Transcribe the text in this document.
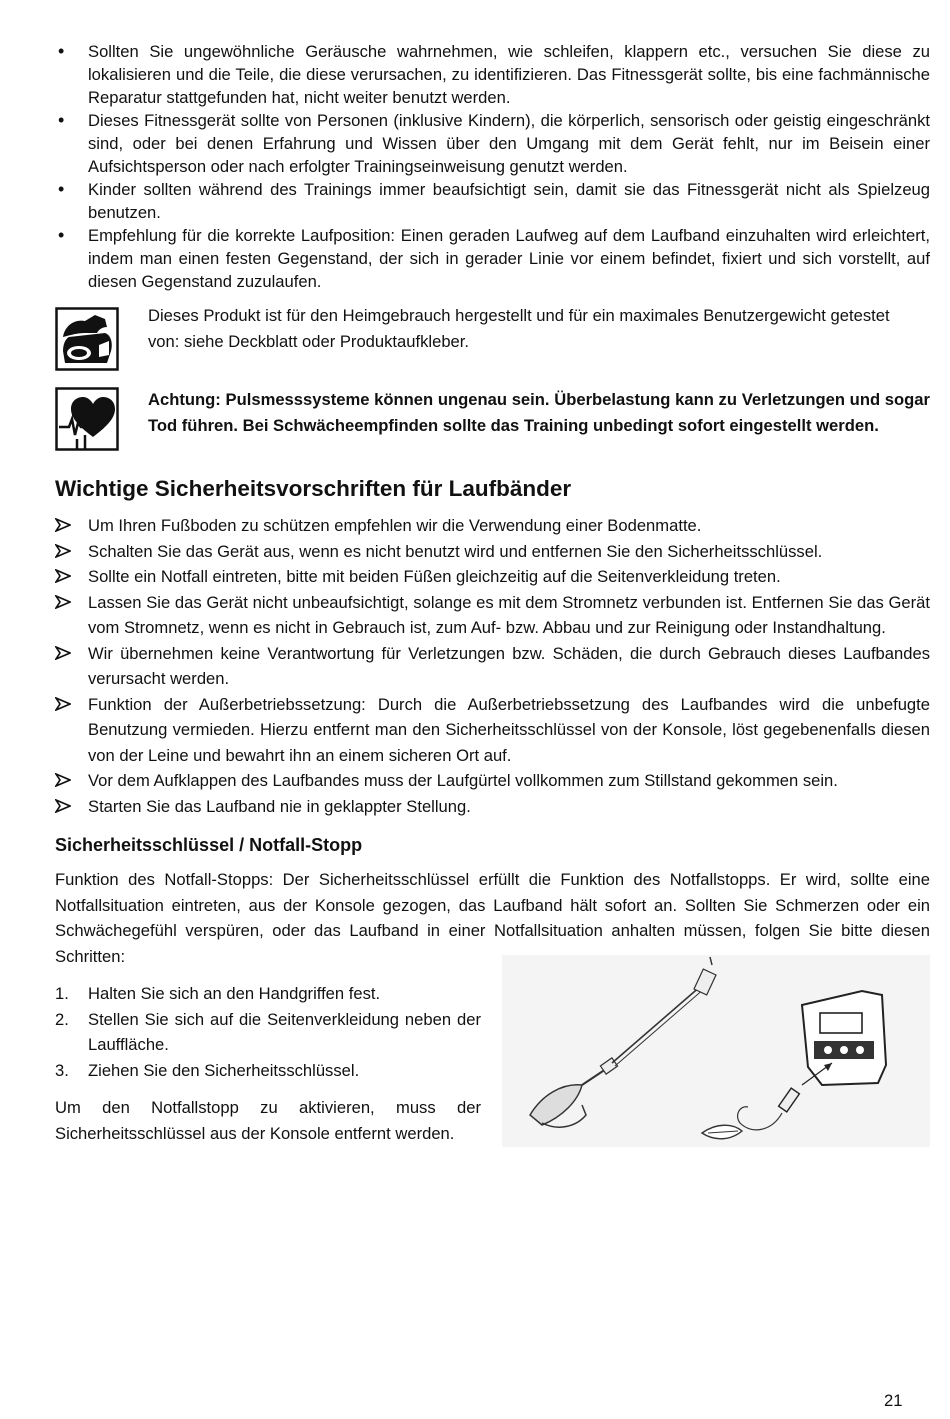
• Sollten Sie ungewöhnliche Geräusche wahrnehmen, wie schleifen, klappern etc., versuchen Sie diese zu lokalisieren und die Teile, die diese verursachen, zu identifizieren. Das Fitnessgerät sollte, bis eine fachmännische Reparatur stattgefunden hat, nicht weiter benutzt werden.
• Dieses Fitnessgerät sollte von Personen (inklusive Kindern), die körperlich, sensorisch oder geistig eingeschränkt sind, oder bei denen Erfahrung und Wissen über den Umgang mit dem Gerät fehlt, nur im Beisein einer Aufsichtsperson oder nach erfolgter Trainingseinweisung genutzt werden.
• Kinder sollten während des Trainings immer beaufsichtigt sein, damit sie das Fitnessgerät nicht als Spielzeug benutzen.
• Empfehlung für die korrekte Laufposition: Einen geraden Laufweg auf dem Laufband einzuhalten wird erleichtert, indem man einen festen Gegenstand, der sich in gerader Linie vor einem befindet, fixiert und sich vorstellt, auf diesen Gegenstand zuzulaufen.

Dieses Produkt ist für den Heimgebrauch hergestellt und für ein maximales Benutzergewicht getestet

von: siehe Deckblatt oder Produktaufkleber.

Achtung: Pulsmesssysteme können ungenau sein. Überbelastung kann zu Verletzungen und sogar Tod führen. Bei Schwächeempfinden sollte das Training unbedingt sofort eingestellt werden.

Wichtige Sicherheitsvorschriften für Laufbänder
Um Ihren Fußboden zu schützen empfehlen wir die Verwendung einer Bodenmatte.
Schalten Sie das Gerät aus, wenn es nicht benutzt wird und entfernen Sie den Sicherheitsschlüssel.
Sollte ein Notfall eintreten, bitte mit beiden Füßen gleichzeitig auf die Seitenverkleidung treten.
Lassen Sie das Gerät nicht unbeaufsichtigt, solange es mit dem Stromnetz verbunden ist. Entfernen Sie das Gerät vom Stromnetz, wenn es nicht in Gebrauch ist, zum Auf- bzw. Abbau und zur Reinigung oder Instandhaltung.
Wir übernehmen keine Verantwortung für Verletzungen bzw. Schäden, die durch Gebrauch dieses Laufbandes verursacht werden.
Funktion der Außerbetriebssetzung: Durch die Außerbetriebssetzung des Laufbandes wird die unbefugte Benutzung vermieden. Hierzu entfernt man den Sicherheitsschlüssel von der Konsole, löst gegebenenfalls diesen von der Leine und bewahrt ihn an einem sicheren Ort auf.
Vor dem Aufklappen des Laufbandes muss der Laufgürtel vollkommen zum Stillstand gekommen sein.
Starten Sie das Laufband nie in geklappter Stellung.
Sicherheitsschlüssel / Notfall-Stopp

Funktion des Notfall-Stopps: Der Sicherheitsschlüssel erfüllt die Funktion des Notfallstopps. Er wird, sollte eine Notfallsituation eintreten, aus der Konsole gezogen, das Laufband hält sofort an. Sollten Sie Schmerzen oder ein Schwächegefühl verspüren, oder das Laufband in einer Notfallsituation anhalten müssen, folgen Sie bitte diesen Schritten:

1. Halten Sie sich an den Handgriffen fest.
2. Stellen Sie sich auf die Seitenverkleidung neben der Lauffläche.
3. Ziehen Sie den Sicherheitsschlüssel.

Um den Notfallstopp zu aktivieren, muss der Sicherheitsschlüssel aus der Konsole entfernt werden.

21
